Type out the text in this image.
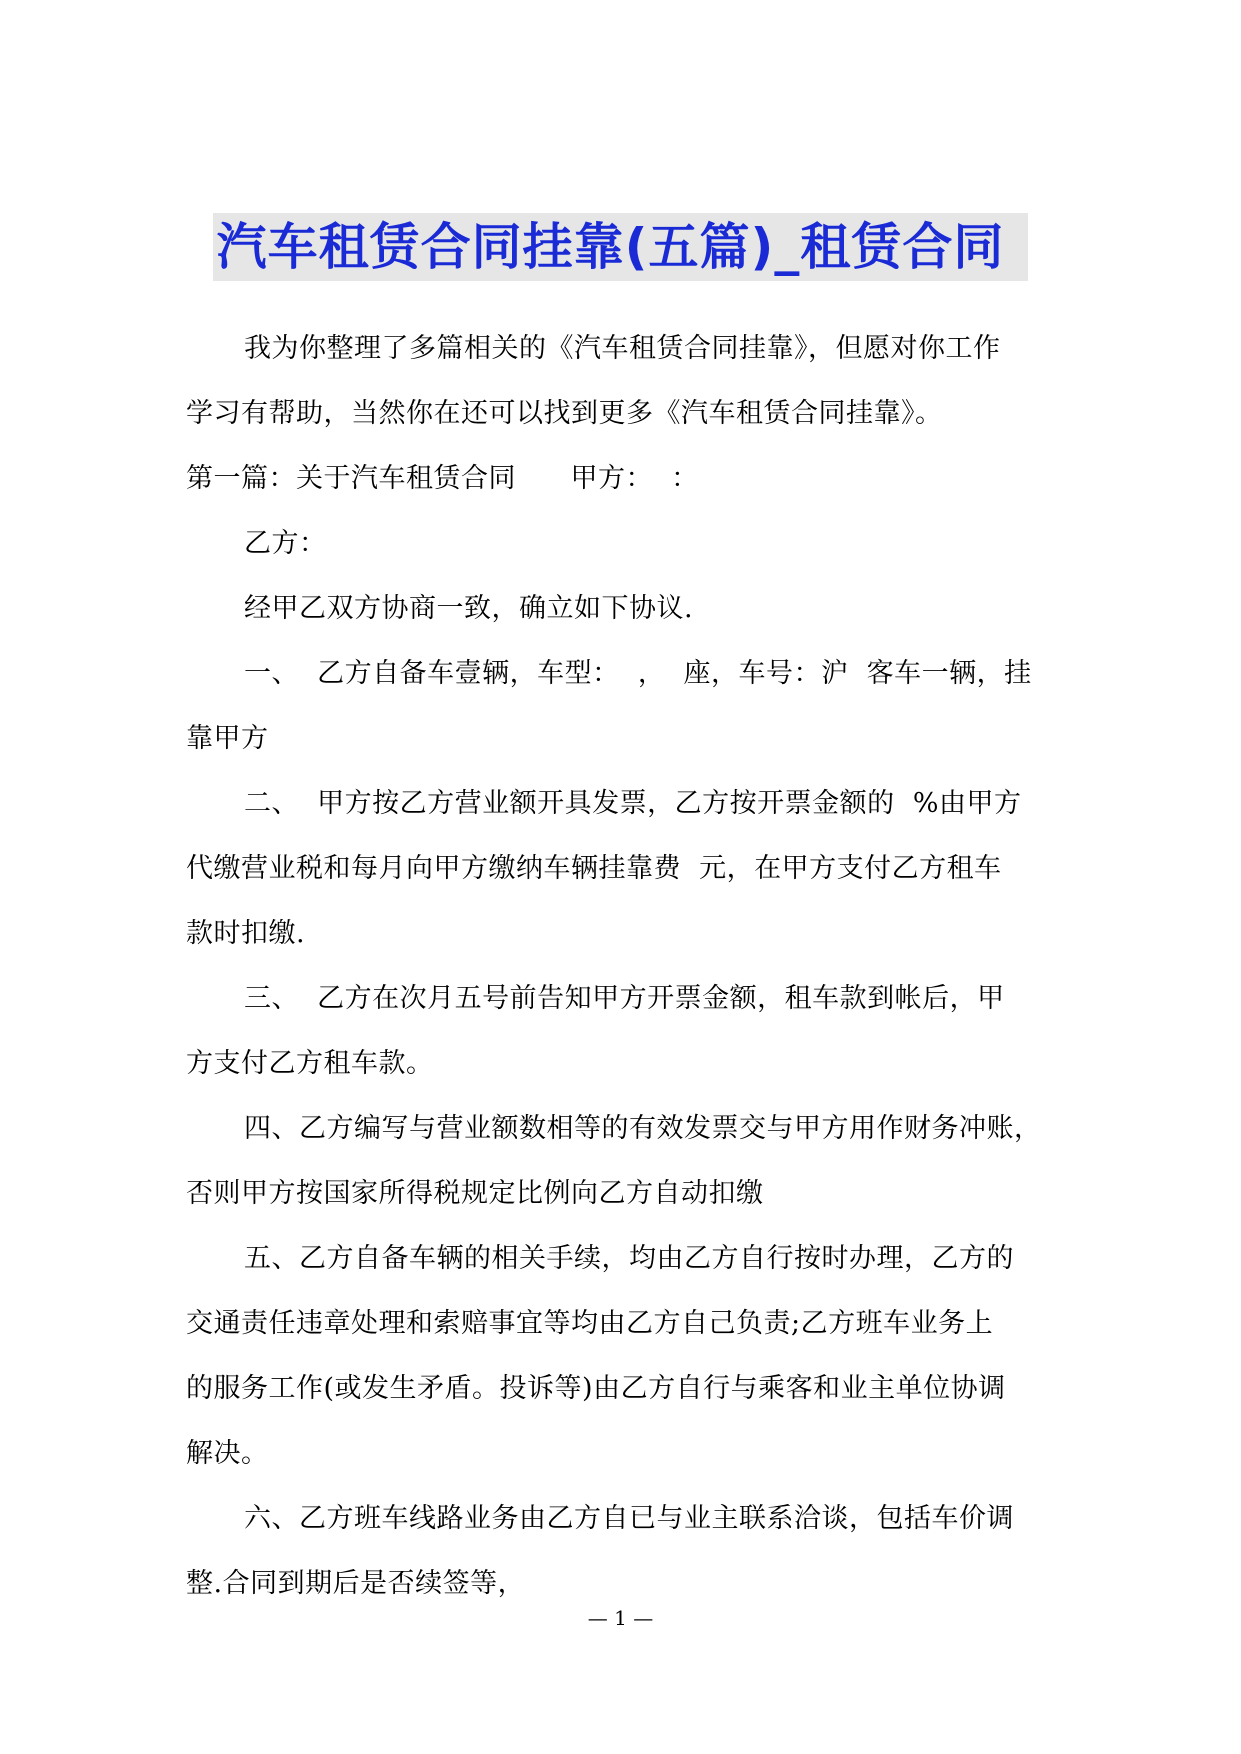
汽车租赁合同挂靠(五篇)_租赁合同

我为你整理了多篇相关的《汽车租赁合同挂靠》，但愿对你工作

学习有帮助，当然你在还可以找到更多《汽车租赁合同挂靠》。

第一篇：关于汽车租赁合同      甲方：  ：

乙方：

经甲乙双方协商一致，确立如下协议.

一、  乙方自备车壹辆，车型：  ，  座，车号：沪  客车一辆，挂

靠甲方

二、  甲方按乙方营业额开具发票，乙方按开票金额的  %由甲方

代缴营业税和每月向甲方缴纳车辆挂靠费  元，在甲方支付乙方租车

款时扣缴.

三、  乙方在次月五号前告知甲方开票金额，租车款到帐后，甲

方支付乙方租车款。

四、乙方编写与营业额数相等的有效发票交与甲方用作财务冲账，

否则甲方按国家所得税规定比例向乙方自动扣缴

五、乙方自备车辆的相关手续，均由乙方自行按时办理，乙方的

交通责任违章处理和索赔事宜等均由乙方自己负责;乙方班车业务上

的服务工作(或发生矛盾。投诉等)由乙方自行与乘客和业主单位协调

解决。

六、乙方班车线路业务由乙方自已与业主联系洽谈，包括车价调

整.合同到期后是否续签等，

— 1 —
